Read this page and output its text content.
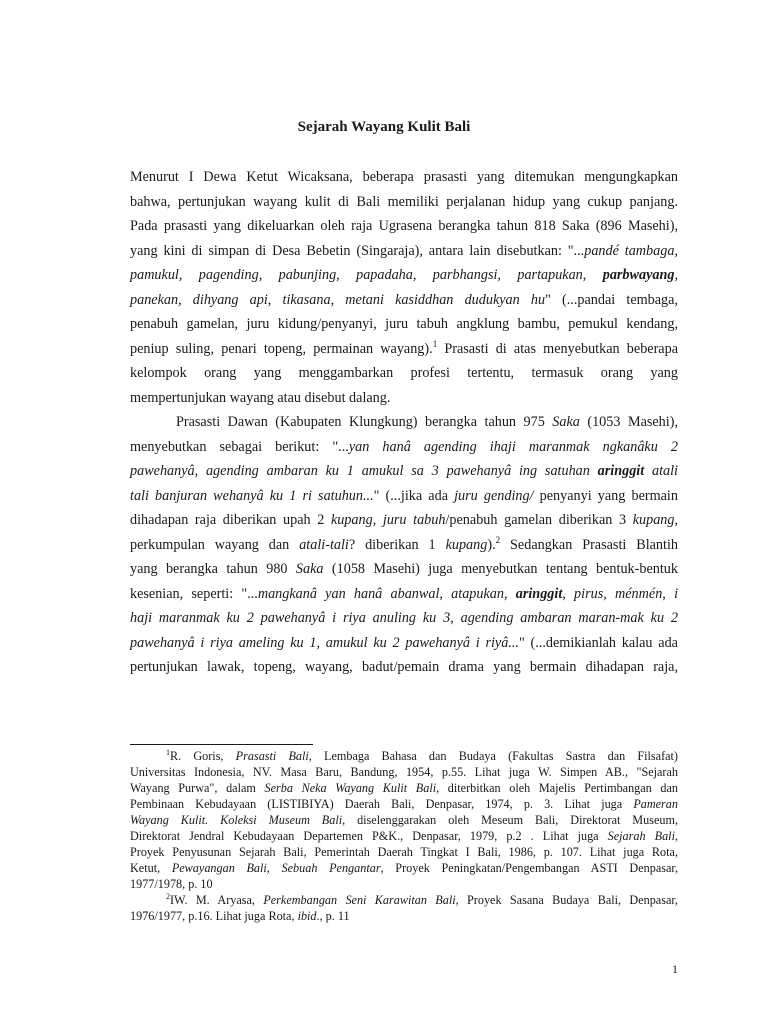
Sejarah Wayang Kulit Bali
Menurut I Dewa Ketut Wicaksana, beberapa prasasti yang ditemukan mengungkapkan
bahwa, pertunjukan wayang kulit di Bali memiliki perjalanan hidup yang cukup panjang.
Pada prasasti yang dikeluarkan oleh raja Ugrasena berangka tahun 818 Saka (896 Masehi),
yang kini di simpan di Desa Bebetin (Singaraja), antara lain disebutkan: "...pandé tambaga,
pamukul, pagending, pabunjing, papadaha, parbhangsi, partapukan, parbwayang,
panekan, dihyang api, tikasana, metani kasiddhan dudukyan hu" (...pandai tembaga,
penabuh gamelan, juru kidung/penyanyi, juru tabuh angklung bambu, pemukul kendang,
peniup suling, penari topeng, permainan wayang).$^1$ Prasasti di atas menyebutkan beberapa
kelompok orang yang menggambarkan profesi tertentu, termasuk orang yang
mempertunjukan wayang atau disebut dalang.
Prasasti Dawan (Kabupaten Klungkung) berangka tahun 975 Saka (1053 Masehi),
menyebutkan sebagai berikut: "...yan hanâ agending ihaji maranmak ngkanâku 2
pawehanyâ, agending ambaran ku 1 amukul sa 3 pawehanyâ ing satuhan aringgit atali
tali banjuran wehanyâ ku 1 ri satuhun..." (...jika ada juru gending/ penyanyi yang bermain
dihadapan raja diberikan upah 2 kupang, juru tabuh/penabuh gamelan diberikan 3 kupang,
perkumpulan wayang dan atali-tali? diberikan 1 kupang).$^2$ Sedangkan Prasasti Blantih
yang berangka tahun 980 Saka (1058 Masehi) juga menyebutkan tentang bentuk-bentuk
kesenian, seperti: "...mangkanâ yan hanâ abanwal, atapukan, aringgit, pirus, ménmén, i
haji maranmak ku 2 pawehanyâ i riya anuling ku 3, agending ambaran maran-mak ku 2
pawehanyâ i riya ameling ku 1, amukul ku 2 pawehanyâ i riyâ..." (...demikianlah kalau ada
pertunjukan lawak, topeng, wayang, badut/pemain drama yang bermain dihadapan raja,
$^1$R. Goris, Prasasti Bali, Lembaga Bahasa dan Budaya (Fakultas Sastra dan Filsafat)
Universitas Indonesia, NV. Masa Baru, Bandung, 1954, p.55. Lihat juga W. Simpen AB., "Sejarah
Wayang Purwa", dalam Serba Neka Wayang Kulit Bali, diterbitkan oleh Majelis Pertimbangan dan
Pembinaan Kebudayaan (LISTIBIYA) Daerah Bali, Denpasar, 1974, p. 3. Lihat juga Pameran
Wayang Kulit. Koleksi Museum Bali, diselenggarakan oleh Meseum Bali, Direktorat Museum,
Direktorat Jendral Kebudayaan Departemen P&K., Denpasar, 1979, p.2 . Lihat juga Sejarah Bali,
Proyek Penyusunan Sejarah Bali, Pemerintah Daerah Tingkat I Bali, 1986, p. 107. Lihat juga Rota,
Ketut, Pewayangan Bali, Sebuah Pengantar, Proyek Peningkatan/Pengembangan ASTI Denpasar,
1977/1978, p. 10
$^2$IW. M. Aryasa, Perkembangan Seni Karawitan Bali, Proyek Sasana Budaya Bali, Denpasar,
1976/1977, p.16. Lihat juga Rota, ibid., p. 11
1
